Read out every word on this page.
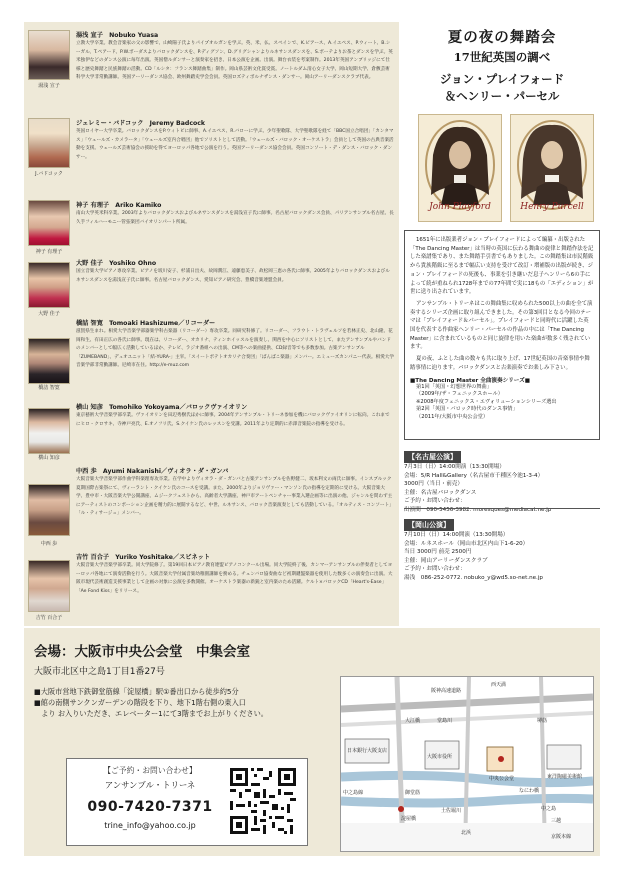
湯浅 宣子
湯浅 宣子　Nobuko Yuasa
立教大学卒業。教会音楽家の父の影響で、山崎陽子氏よりパイプオルガンを学ぶ。英、米、仏、スペインで、K.ピアース、A.イエペス、P.ウィート、B.シーガル、T.ペアード、P.W.ポーダスよりバロックダンスを、P.ディグソン、D.グリグシャンよりルネサンスダンスを、S.ボーテよりお茶とダンスを学ぶ。英米独伊などのダンス公演に毎年出演。英国僧ルダンサーと演奏家を招き、日本公演を企画。出演。舞台衣装を考案制作。2013年英国アンブリッジにて仕様と歴史舞踏と民族舞踏の活動。CD「ルシタ：フランス舞踏曲集」制作。岡山県芸術文化賞受賞。ノートルダム清心女子大学、岡山短期大学、倉敷芸術科学大学非常勤講師。英国アーリーダンス協会、欧州舞踏史学会会員。英国ロズティボルナザンス・ダンサー。岡山アーリーダンスクラブ代表。
J.バドコック
ジェレミー・バドコック　Jeremy Badcock
英国ロイヤー大学卒業。バロックダンスをP.ウィトビに師事、A.イエペス、R.バローに学ぶ。少年聖歌隊、大学聖歌隊を経て「BBC国立合唱団」「カンタマス」「ウェールズ・カメラータ」「ウェールズ室内合唱団」他でソリストとして活動。「ウェールズ・バロック・オーケストラ」会員として英国の古典音楽活動を支援。ウェールズ芸術協会の援助を得てヨーロッパ各地で公演を行う。英国アーリーダンス協会会員。英国コンソート・デ・ダンス・バロック・ダンサー。
神子 有理子
神子 有理子　Ariko Kamiko
南山大学英米科卒業。2003年よりバロックダンスおよびルネサンスダンスを湯浅宣子氏に師事。名古屋バロックダンス会員、パリアンサンブル名古屋、長久手フィルハーモニー管弦楽団バイオリンパート所属。
大野 佳子
大野 佳子　Yoshiko Ohno
国立音楽大学ピアノ専攻卒業。ピアノを坂川安子、杉浦日出夫、故岡潤江、遠藤恵美子、故松岡三恵の各氏に師事。2005年よりバロックダンスおよびルネサンスダンスを湯浅宣子氏に師事。名古屋バロックダンス、愛知ピアノ研究会、豊橋音楽連盟会員。
橋詰 智寛
橋詰 智寛　Tomoaki Hashizume／リコーダー
滋賀県生まれ。相愛大学音楽学部器楽学科古楽器（リコーダー）専攻卒業。同研究科修了。リコーダー、フラウト・トラヴェルソを若林正史、北山隆、花岡和生、有田正広の各氏に師事。現在は、リコーダー、オカリナ、ティンホイッスルを演奏し、関西を中心にソリストとして、またアンサンブルやバンドのメンバーとして幅広く活動しているほか、テレビ、ラジオ番組への出演、CM等への楽曲提供、CD録音等でも多数参加。古楽アンサンブル「ZUMEBAND」、デュオユニット「結-YURA-」主宰。「スイートポテトオカリナ合奏団」「ばんばこ楽器」メンバー。エミューズカンパニー代表。相愛大学音楽学部非常勤講師。尼崎市在住。http://e-muz.com
横山 知彦
横山 知彦　Tomohiko Yokoyama／バロックヴァイオリン
東京藝術大学音楽学部卒業。ヴァイオリンを田辺秀樹氏ほかに師事。2004年アンサンブル・トリーネ参加を機にバロックヴァイオリンに転向。これまでにヒロ・クロサキ、寺神戸亮氏、E.オノフリ氏、S.クイケン氏のレッスンを受講。2011年より定期的に赤澤音楽院の指導を受ける。
中西 歩
中西 歩　Ayumi Nakanishi／ヴィオラ・ダ・ガンバ
大阪音楽大学音楽学部作曲学科楽理専攻卒業。在学中よりヴィオラ・ダ・ガンバと古楽アンサンブルを佐野健二、坂本利文の両氏に師事。インスブルック夏期国際古楽祭にて、ヴィーラント・クイケン氏のコースを受講。また、2000年よりジョリヴァー・マンソン氏の指導を定期的に受ける。大阪音楽大学、豊中市・大阪音楽大学公開講座、ムジークフェストから、高齢者大学講座、神戸市アートペンチャー事業入選企画等に出演の他、ジャンルを問わず主にアーティストのコンポーション企画を精力的に展開するなど、中世、ルネサンス、バロック音楽演奏としても活動している。「オルティス・コンソート」「ル・ティサージュ」メンバー。
吉竹 百合子
吉竹 百合子　Yuriko Yoshitake／スピネット
大阪音楽大学音楽学部卒業。同大学院修了。第19回日本ピアノ教育連盟ピアノコンクール出場。同大学院終了後、カンマーアンサンブルの伴奏者としてヨーロッパ各地にて演奏活動を行う。大阪音楽大学付属音楽幼稚園講師を務める。チェンバロ協奏曲など初期鍵盤楽器を使用した数多くの演奏会に出演。大阪市現代芸術創造支援事業として企画の対象に公演を多数開催。オーケストラ楽器の新鋭と室内楽のため活躍。ケルト×バロックCD「Heart's-Ease」「Ae Fond Kiss」をリリース。
夏の夜の舞踏会
17世紀英国の調べ
ジョン・プレイフォード
＆ヘンリー・パーセル
John Playford	Henry Purcell

1651年に出版業者ジョン・プレイフォードによって編纂・出版された「The Dancing Master」は当時の英国に伝わる舞曲の旋律と舞踏作法を記した楽譜集であり、また舞踏手引書でもありました。この舞踏集は市民階級から貴族階級に至るまで幅広い支持を受けて改訂・増補版の出版が続き、ジョン・プレイフォードの死後も、事業を引き継いだ息子ヘンリーら6の手によって続が重ねられ1728年までの77年間で実に18もの「エディション」が世に送り出されています。

アンサンブル・トリーネはこの舞曲集に収められた500以上の曲を全て演奏するシリーズ企画に取り組んできました。その第3回目となる今回のテーマは「プレイフォード＆パーセル」。プレイフォードと同時代に活躍した英国を代表する作曲家ヘンリー・パーセルの作品の中には「The Dancing Master」に含まれているものと同じ旋律を用いた楽曲が数多く残されています。

夏の夜、ふとした曲の数々も共に取り上げ、17世紀英国の音楽事情や舞踏事情に迫ります。バロックダンスと古楽演奏でお楽しみ下さい。

■The Dancing Master 全曲演奏シリーズ■
第1回「英国・幻想世界の舞曲」
（2009年/ザ・フェニックスホール）
※2008年度フェニックス・エヴォリューションシリーズ選出
第2回「英国・バロック時代のダンス事情」
（2011年/大阪市中央公会堂）
【名古屋公演】
7月3日（日）14:00開演（13:30開場）
会場：5/R Hall&Gallery（名古屋市千種区今池1-3-4）
3000円（当日・前売）
主催：名古屋バロックダンス
ご予約・お問い合わせ：
出演間　090-5456-3982. moresques@mediacat.ne.jp
【岡山公演】
7月10日（日）14:00開演（13:30開場）
会場：ルネスホール（岡山市北区内山下1-6-20）
当日 3000円 前売 2500円
主催：岡山アーリーダンスクラブ
ご予約・お問い合わせ：
湯浅　086-252-0772. nobuko_y@wd5.so-net.ne.jp
会場：大阪市中央公会堂　中集会室
大阪市北区中之島1丁目1番27号
■大阪市営地下鉄御堂筋線「淀屋橋」駅①番出口から徒歩約5分
■館の南側サンクンガーデンの階段を下り、地下1階右側の東入口
　より お入りいただき、エレベーター1にて3階までお上がりください。
【ご予約・お問い合わせ】
アンサンブル・トリーネ
090-7420-7371
trine_info@yahoo.co.jp
西天満
阪神高速道路
大江橋
淀屋橋
御堂筋
堂島川
日本銀行大阪支店
大阪市役所
中央公会堂	東洋陶磁美術館
土佐堀川	中之島
北浜
京阪本線
堺筋
なにわ橋
三越
中之島線
